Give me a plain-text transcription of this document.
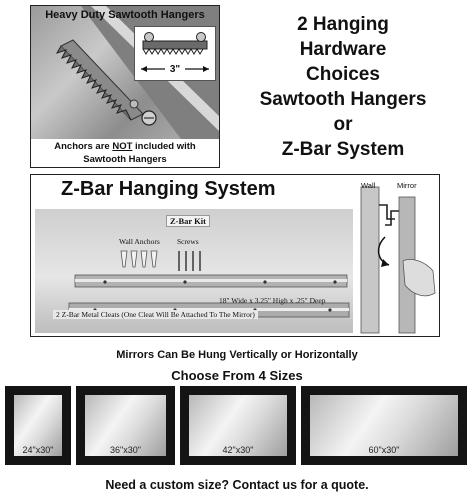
Heavy Duty Sawtooth Hangers
3"
Anchors are NOT included with
Sawtooth Hangers
2 Hanging
Hardware
Choices
Sawtooth Hangers
or
Z-Bar System
Z-Bar Hanging System
Z-Bar Kit
Wall Anchors Screws
18" Wide x 3.25" High x .25" Deep
2 Z-Bar Metal Cleats (One Cleat Will Be Attached To The Mirror)
Wall	Mirror
Mirrors Can Be Hung Vertically or Horizontally
Choose From 4 Sizes
24"x30"	36"x30"	42"x30"	60"x30"
Need a custom size? Contact us for a quote.
